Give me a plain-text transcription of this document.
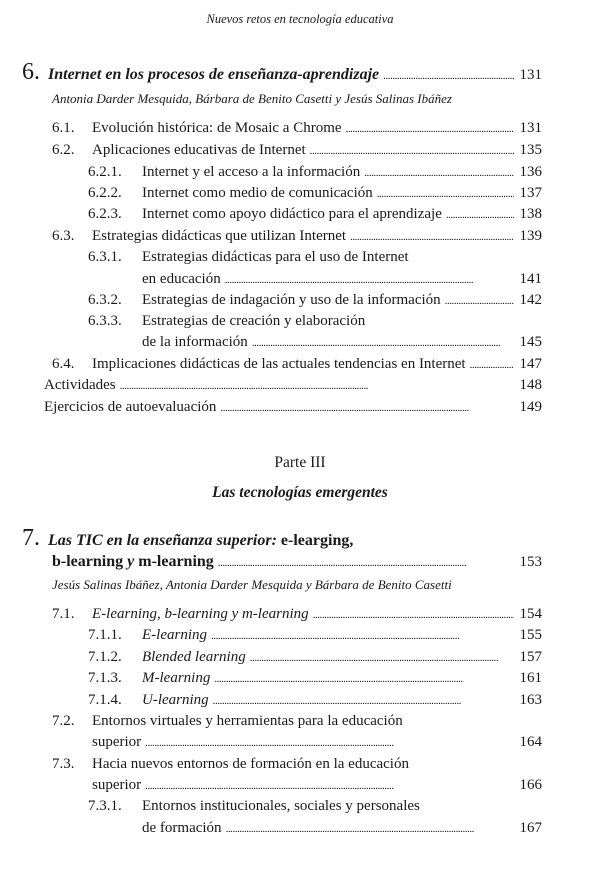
Nuevos retos en tecnología educativa
6. Internet en los procesos de enseñanza-aprendizaje . . .	131
Antonia Darder Mesquida, Bárbara de Benito Casetti y Jesús Salinas Ibáñez
6.1.	Evolución histórica: de Mosaic a Chrome . . .	131
6.2.	Aplicaciones educativas de Internet . . .	135
6.2.1.	Internet y el acceso a la información . . .	136
6.2.2.	Internet como medio de comunicación . . .	137
6.2.3.	Internet como apoyo didáctico para el aprendizaje . . .	138
6.3.	Estrategias didácticas que utilizan Internet . . .	139
6.3.1.	Estrategias didácticas para el uso de Internet
en educación . . .	141
6.3.2.	Estrategias de indagación y uso de la información . . .	142
6.3.3.	Estrategias de creación y elaboración
de la información . . .	145
6.4.	Implicaciones didácticas de las actuales tendencias en Internet . . .	147
Actividades . . .	148
Ejercicios de autoevaluación . . .	149
Parte III
Las tecnologías emergentes
7. Las TIC en la enseñanza superior: e-learging,
b-learning y m-learning . . .	153
Jesús Salinas Ibáñez, Antonia Darder Mesquida y Bárbara de Benito Casetti
7.1.	E-learning, b-learning y m-learning . . .	154
7.1.1.	E-learning . . .	155
7.1.2.	Blended learning . . .	157
7.1.3.	M-learning . . .	161
7.1.4.	U-learning . . .	163
7.2.	Entornos virtuales y herramientas para la educación
superior . . .	164
7.3.	Hacia nuevos entornos de formación en la educación
superior . . .	166
7.3.1.	Entornos institucionales, sociales y personales
de formación . . .	167
